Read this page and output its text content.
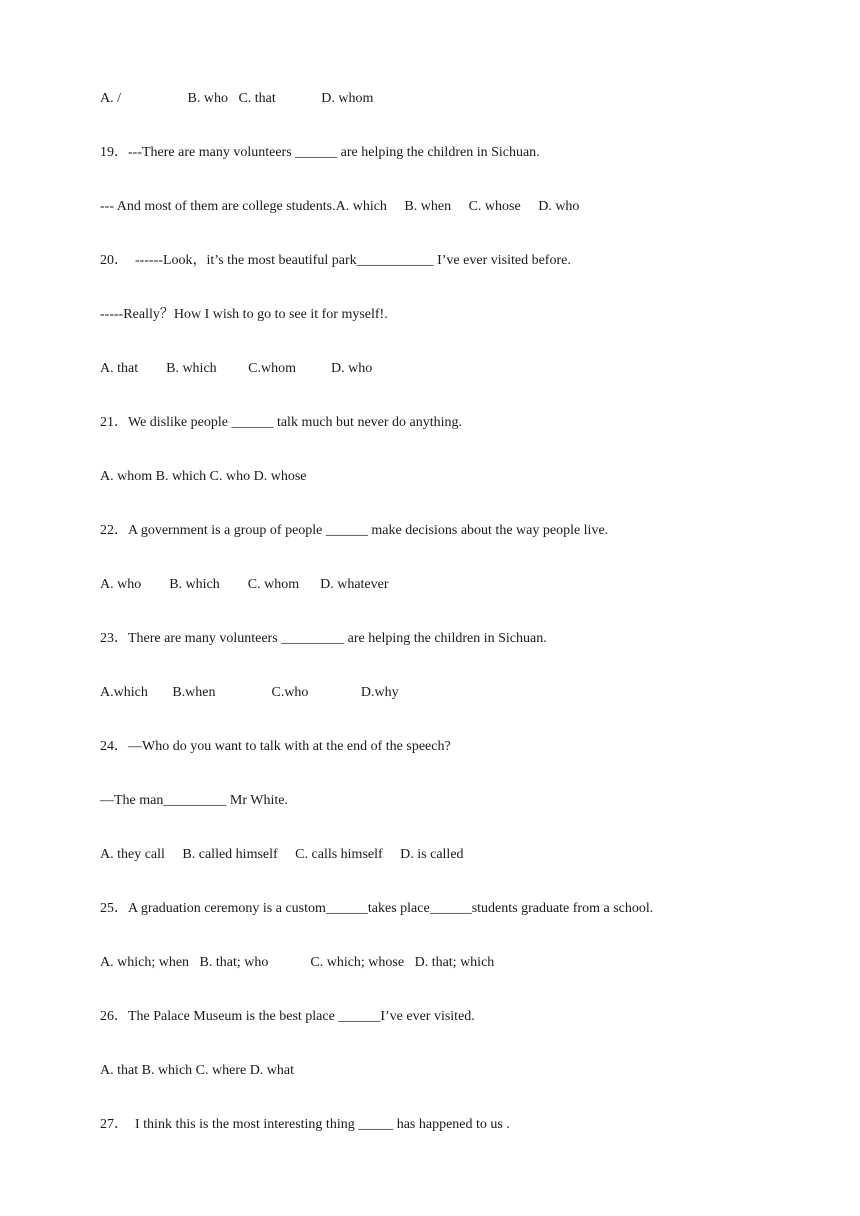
A. /                   B. who   C. that             D. whom
19．---There are many volunteers ______ are helping the children in Sichuan.
--- And most of them are college students.A. which     B. when     C. whose     D. who
20．  ------Look，it’s the most beautiful park___________ I’ve ever visited before.
-----Really？How I wish to go to see it for myself!.
A. that        B. which         C.whom          D. who
21．We dislike people ______ talk much but never do anything.
A. whom B. which C. who D. whose
22．A government is a group of people ______ make decisions about the way people live.
A. who        B. which        C. whom      D. whatever
23．There are many volunteers _________ are helping the children in Sichuan.
A.which       B.when                C.who               D.why
24．—Who do you want to talk with at the end of the speech?
—The man_________ Mr White.
A. they call     B. called himself     C. calls himself     D. is called
25．A graduation ceremony is a custom______takes place______students graduate from a school.
A. which; when   B. that; who            C. which; whose   D. that; which
26．The Palace Museum is the best place ______I’ve ever visited.
A. that B. which C. where D. what
27．  I think this is the most interesting thing _____ has happened to us .
